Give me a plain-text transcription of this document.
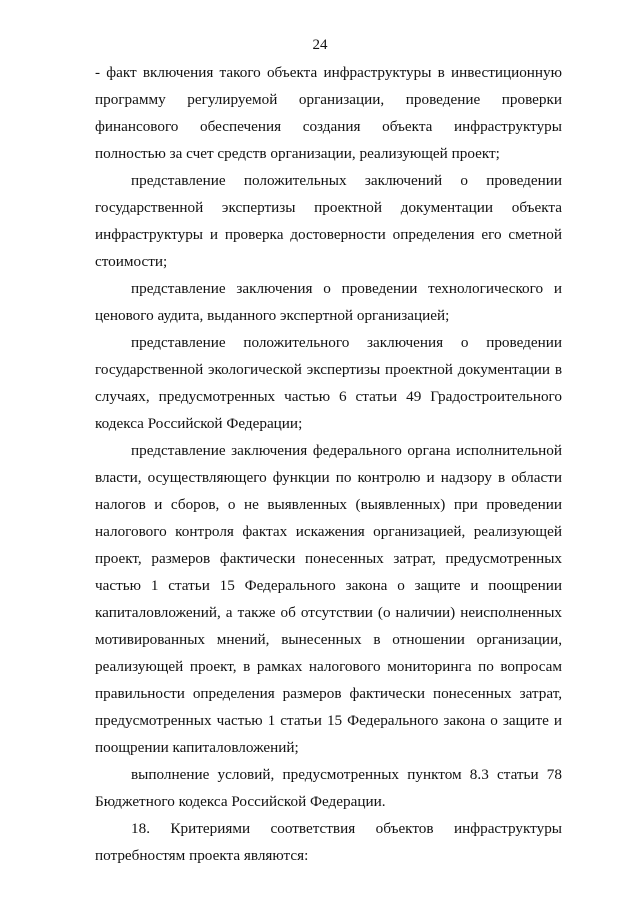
24

- факт включения такого объекта инфраструктуры в инвестиционную программу регулируемой организации, проведение проверки финансового обеспечения создания объекта инфраструктуры полностью за счет средств организации, реализующей проект;

представление положительных заключений о проведении государственной экспертизы проектной документации объекта инфраструктуры и проверка достоверности определения его сметной стоимости;

представление заключения о проведении технологического и ценового аудита, выданного экспертной организацией;

представление положительного заключения о проведении государственной экологической экспертизы проектной документации в случаях, предусмотренных частью 6 статьи 49 Градостроительного кодекса Российской Федерации;

представление заключения федерального органа исполнительной власти, осуществляющего функции по контролю и надзору в области налогов и сборов, о не выявленных (выявленных) при проведении налогового контроля фактах искажения организацией, реализующей проект, размеров фактически понесенных затрат, предусмотренных частью 1 статьи 15 Федерального закона о защите и поощрении капиталовложений, а также об отсутствии (о наличии) неисполненных мотивированных мнений, вынесенных в отношении организации, реализующей проект, в рамках налогового мониторинга по вопросам правильности определения размеров фактически понесенных затрат, предусмотренных частью 1 статьи 15 Федерального закона о защите и поощрении капиталовложений;

выполнение условий, предусмотренных пунктом 8.3 статьи 78 Бюджетного кодекса Российской Федерации.

18. Критериями соответствия объектов инфраструктуры потребностям проекта являются:
